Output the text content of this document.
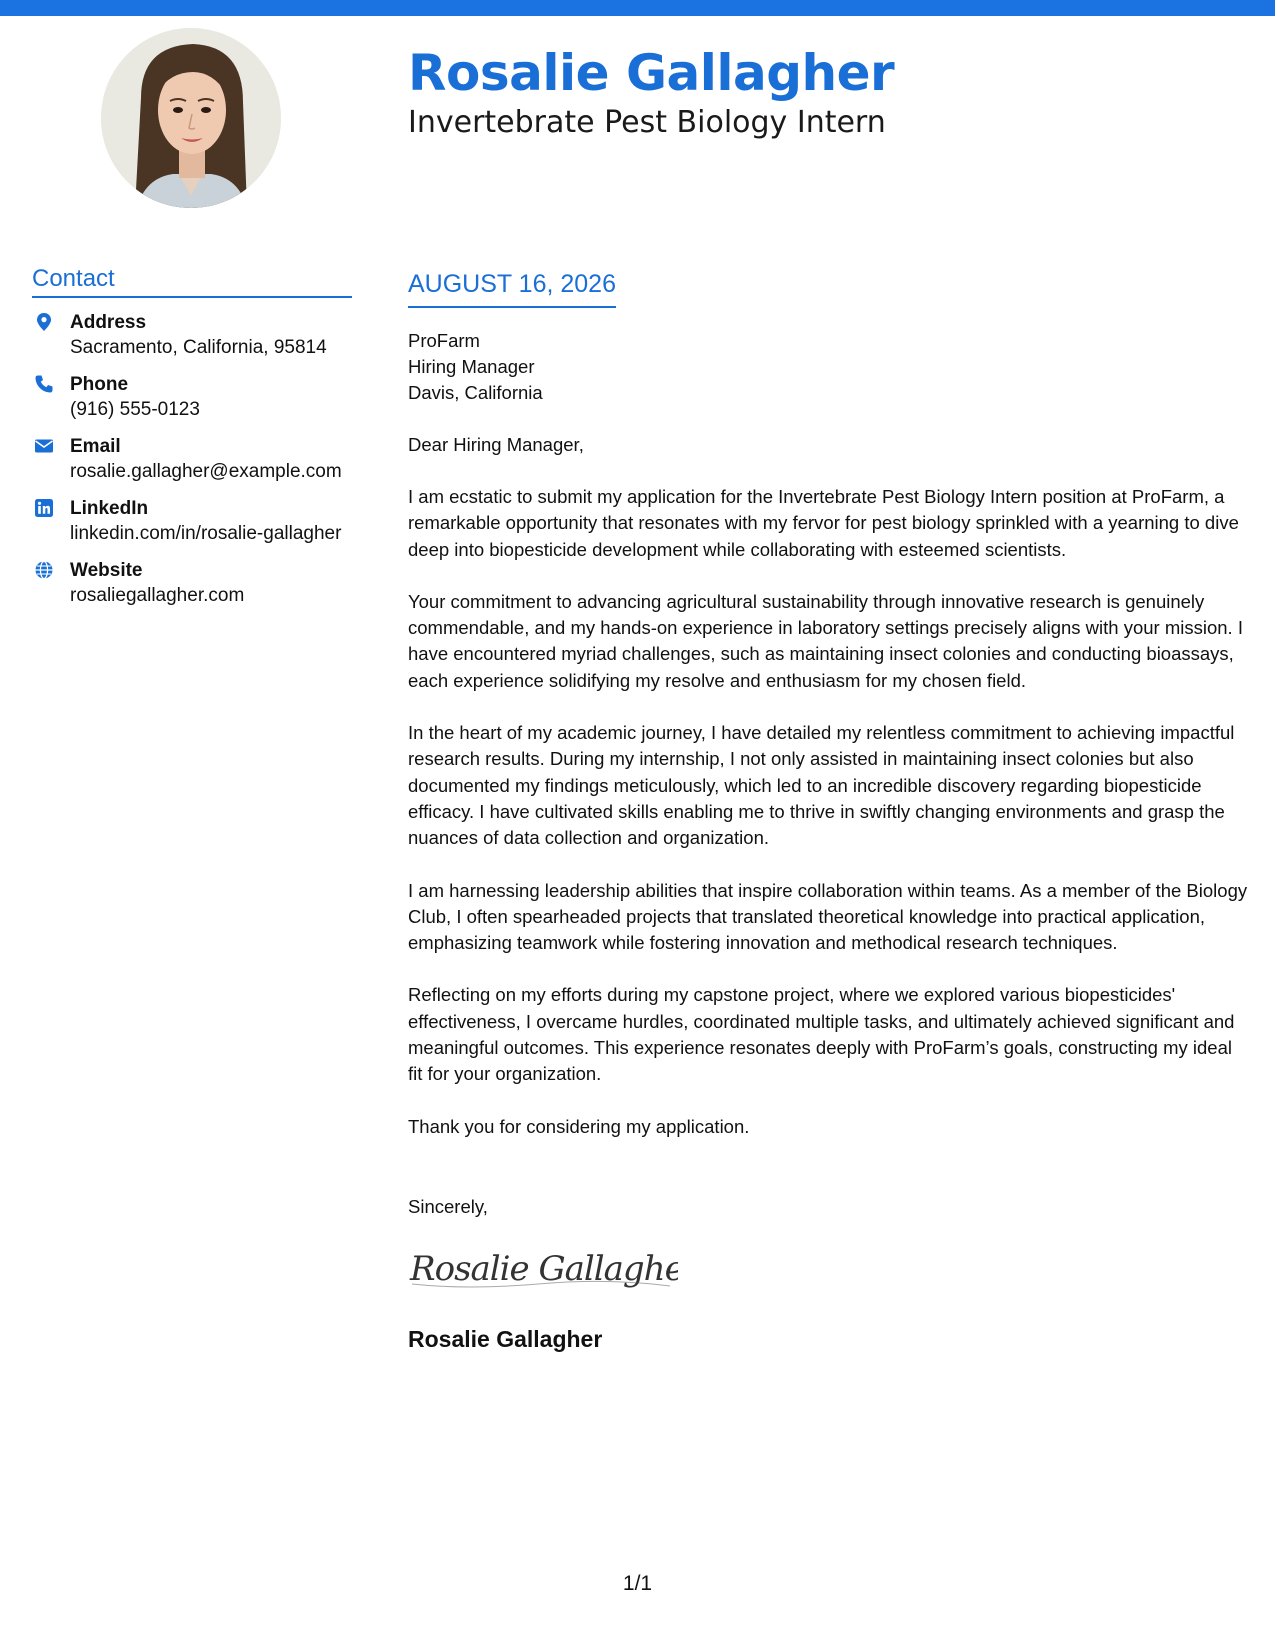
Rosalie Gallagher
Invertebrate Pest Biology Intern
Contact
Address
Sacramento, California, 95814
Phone
(916) 555-0123
Email
rosalie.gallagher@example.com
LinkedIn
linkedin.com/in/rosalie-gallagher
Website
rosaliegallagher.com
AUGUST 16, 2026
ProFarm
Hiring Manager
Davis, California
Dear Hiring Manager,
I am ecstatic to submit my application for the Invertebrate Pest Biology Intern position at ProFarm, a remarkable opportunity that resonates with my fervor for pest biology sprinkled with a yearning to dive deep into biopesticide development while collaborating with esteemed scientists.
Your commitment to advancing agricultural sustainability through innovative research is genuinely commendable, and my hands-on experience in laboratory settings precisely aligns with your mission. I have encountered myriad challenges, such as maintaining insect colonies and conducting bioassays, each experience solidifying my resolve and enthusiasm for my chosen field.
In the heart of my academic journey, I have detailed my relentless commitment to achieving impactful research results. During my internship, I not only assisted in maintaining insect colonies but also documented my findings meticulously, which led to an incredible discovery regarding biopesticide efficacy. I have cultivated skills enabling me to thrive in swiftly changing environments and grasp the nuances of data collection and organization.
I am harnessing leadership abilities that inspire collaboration within teams. As a member of the Biology Club, I often spearheaded projects that translated theoretical knowledge into practical application, emphasizing teamwork while fostering innovation and methodical research techniques.
Reflecting on my efforts during my capstone project, where we explored various biopesticides' effectiveness, I overcame hurdles, coordinated multiple tasks, and ultimately achieved significant and meaningful outcomes. This experience resonates deeply with ProFarm’s goals, constructing my ideal fit for your organization.
Thank you for considering my application.
Sincerely,
Rosalie Gallagher
Rosalie Gallagher
1/1
